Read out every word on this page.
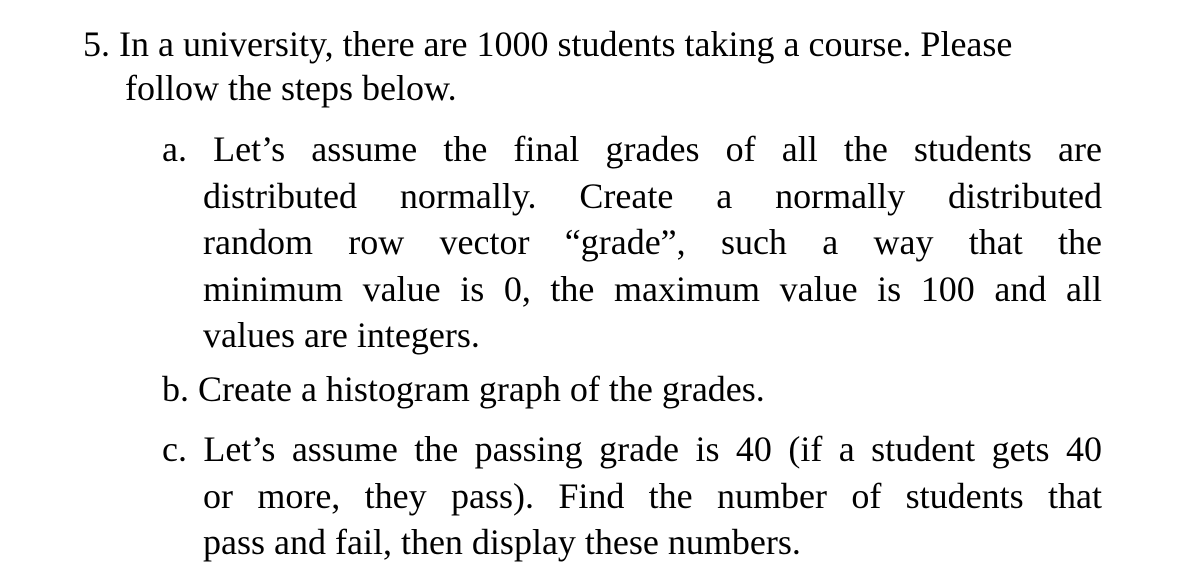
5. In a university, there are 1000 students taking a course. Please
follow the steps below.
a. Let’s assume the final grades of all the students are
distributed normally. Create a normally distributed
random row vector “grade”, such a way that the
minimum value is 0, the maximum value is 100 and all
values are integers.
b. Create a histogram graph of the grades.
c. Let’s assume the passing grade is 40 (if a student gets 40
or more, they pass). Find the number of students that
pass and fail, then display these numbers.
